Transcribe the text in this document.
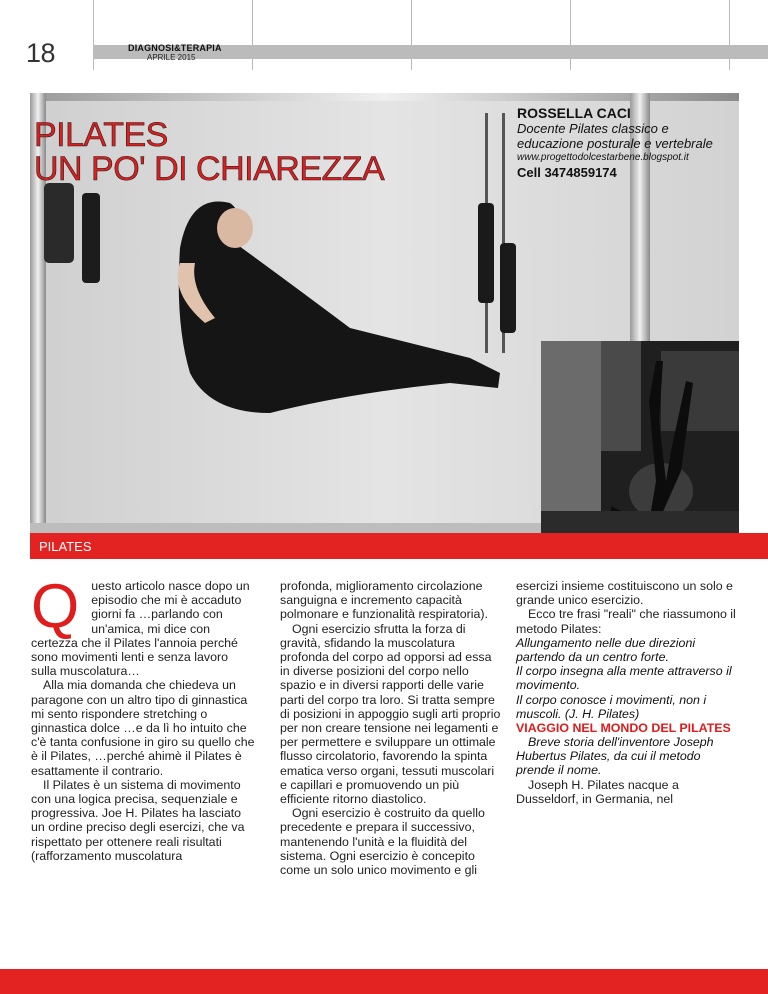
18	DIAGNOSI&TERAPIA
APRILE 2015
PILATES
UN PO' DI CHIAREZZA
ROSSELLA CACI
Docente Pilates classico e educazione posturale e vertebrale
www.progettodolcestarbene.blogspot.it
Cell 3474859174
PILATES
Q uesto articolo nasce dopo un episodio che mi è accaduto giorni fa …parlando con un'amica, mi dice con certezza che il Pilates l'annoia perché sono movimenti lenti e senza lavoro sulla muscolatura…

Alla mia domanda che chiedeva un paragone con un altro tipo di ginnastica mi sento rispondere stretching o ginnastica dolce …e da lì ho intuito che c'è tanta confusione in giro su quello che è il Pilates, …perché ahimè il Pilates è esattamente il contrario.

Il Pilates è un sistema di movimento con una logica precisa, sequenziale e progressiva. Joe H. Pilates ha lasciato un ordine preciso degli esercizi, che va rispettato per ottenere reali risultati (rafforzamento muscolatura

profonda, miglioramento circolazione sanguigna e incremento capacità polmonare e funzionalità respiratoria).

Ogni esercizio sfrutta la forza di gravità, sfidando la muscolatura profonda del corpo ad opporsi ad essa in diverse posizioni del corpo nello spazio e in diversi rapporti delle varie parti del corpo tra loro. Si tratta sempre di posizioni in appoggio sugli arti proprio per non creare tensione nei legamenti e per permettere e sviluppare un ottimale flusso circolatorio, favorendo la spinta ematica verso organi, tessuti muscolari e capillari e promuovendo un più efficiente ritorno diastolico.

Ogni esercizio è costruito da quello precedente e prepara il successivo, mantenendo l'unità e la fluidità del sistema. Ogni esercizio è concepito come un solo unico movimento e gli

esercizi insieme costituiscono un solo e grande unico esercizio.

Ecco tre frasi "reali" che riassumono il metodo Pilates:

Allungamento nelle due direzioni partendo da un centro forte.

Il corpo insegna alla mente attraverso il movimento.

Il corpo conosce i movimenti, non i muscoli. (J. H. Pilates)

VIAGGIO NEL MONDO DEL PILATES

Breve storia dell'inventore Joseph Hubertus Pilates, da cui il metodo prende il nome.

Joseph H. Pilates nacque a Dusseldorf, in Germania, nel
